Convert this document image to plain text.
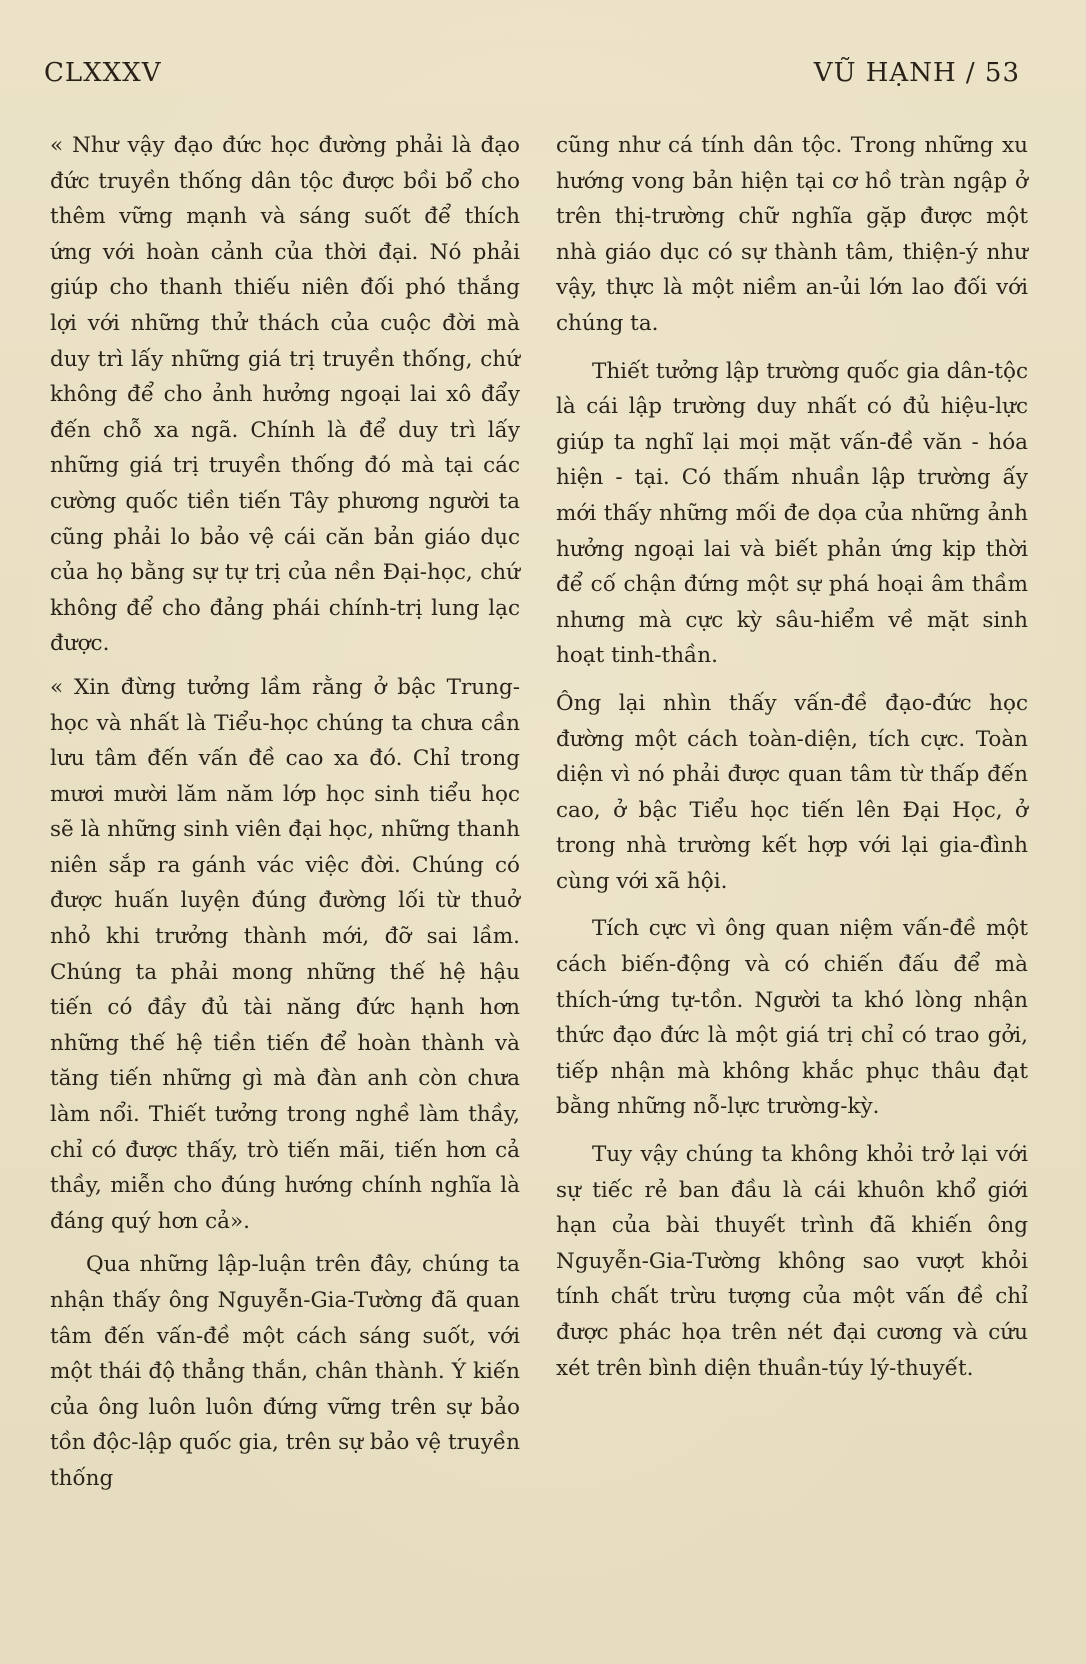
CLXXXV	VŨ HẠNH / 53

« Như vậy đạo đức học đường phải là đạo đức truyền thống dân tộc được bồi bổ cho thêm vững mạnh và sáng suốt để thích ứng với hoàn cảnh của thời đại. Nó phải giúp cho thanh thiếu niên đối phó thắng lợi với những thử thách của cuộc đời mà duy trì lấy những giá trị truyền thống, chứ không để cho ảnh hưởng ngoại lai xô đẩy đến chỗ xa ngã. Chính là để duy trì lấy những giá trị truyền thống đó mà tại các cường quốc tiền tiến Tây phương người ta cũng phải lo bảo vệ cái căn bản giáo dục của họ bằng sự tự trị của nền Đại-học, chứ không để cho đảng phái chính-trị lung lạc được.

« Xin đừng tưởng lầm rằng ở bậc Trung-học và nhất là Tiểu-học chúng ta chưa cần lưu tâm đến vấn đề cao xa đó. Chỉ trong mươi mười lăm năm lớp học sinh tiểu học sẽ là những sinh viên đại học, những thanh niên sắp ra gánh vác việc đời. Chúng có được huấn luyện đúng đường lối từ thuở nhỏ khi trưởng thành mới, đỡ sai lầm. Chúng ta phải mong những thế hệ hậu tiến có đầy đủ tài năng đức hạnh hơn những thế hệ tiền tiến để hoàn thành và tăng tiến những gì mà đàn anh còn chưa làm nổi. Thiết tưởng trong nghề làm thầy, chỉ có được thấy, trò tiến mãi, tiến hơn cả thầy, miễn cho đúng hướng chính nghĩa là đáng quý hơn cả».

Qua những lập-luận trên đây, chúng ta nhận thấy ông Nguyễn-Gia-Tường đã quan tâm đến vấn-đề một cách sáng suốt, với một thái độ thẳng thắn, chân thành. Ý kiến của ông luôn luôn đứng vững trên sự bảo tồn độc-lập quốc gia, trên sự bảo vệ truyền thống

cũng như cá tính dân tộc. Trong những xu hướng vong bản hiện tại cơ hồ tràn ngập ở trên thị-trường chữ nghĩa gặp được một nhà giáo dục có sự thành tâm, thiện-ý như vậy, thực là một niềm an-ủi lớn lao đối với chúng ta.

Thiết tưởng lập trường quốc gia dân-tộc là cái lập trường duy nhất có đủ hiệu-lực giúp ta nghĩ lại mọi mặt vấn-đề văn - hóa hiện - tại. Có thấm nhuần lập trường ấy mới thấy những mối đe dọa của những ảnh hưởng ngoại lai và biết phản ứng kịp thời để cố chận đứng một sự phá hoại âm thầm nhưng mà cực kỳ sâu-hiểm về mặt sinh hoạt tinh-thần.

Ông lại nhìn thấy vấn-đề đạo-đức học đường một cách toàn-diện, tích cực. Toàn diện vì nó phải được quan tâm từ thấp đến cao, ở bậc Tiểu học tiến lên Đại Học, ở trong nhà trường kết hợp với lại gia-đình cùng với xã hội.

Tích cực vì ông quan niệm vấn-đề một cách biến-động và có chiến đấu để mà thích-ứng tự-tồn. Người ta khó lòng nhận thức đạo đức là một giá trị chỉ có trao gởi, tiếp nhận mà không khắc phục thâu đạt bằng những nỗ-lực trường-kỳ.

Tuy vậy chúng ta không khỏi trở lại với sự tiếc rẻ ban đầu là cái khuôn khổ giới hạn của bài thuyết trình đã khiến ông Nguyễn-Gia-Tường không sao vượt khỏi tính chất trừu tượng của một vấn đề chỉ được phác họa trên nét đại cương và cứu xét trên bình diện thuần-túy lý-thuyết.
